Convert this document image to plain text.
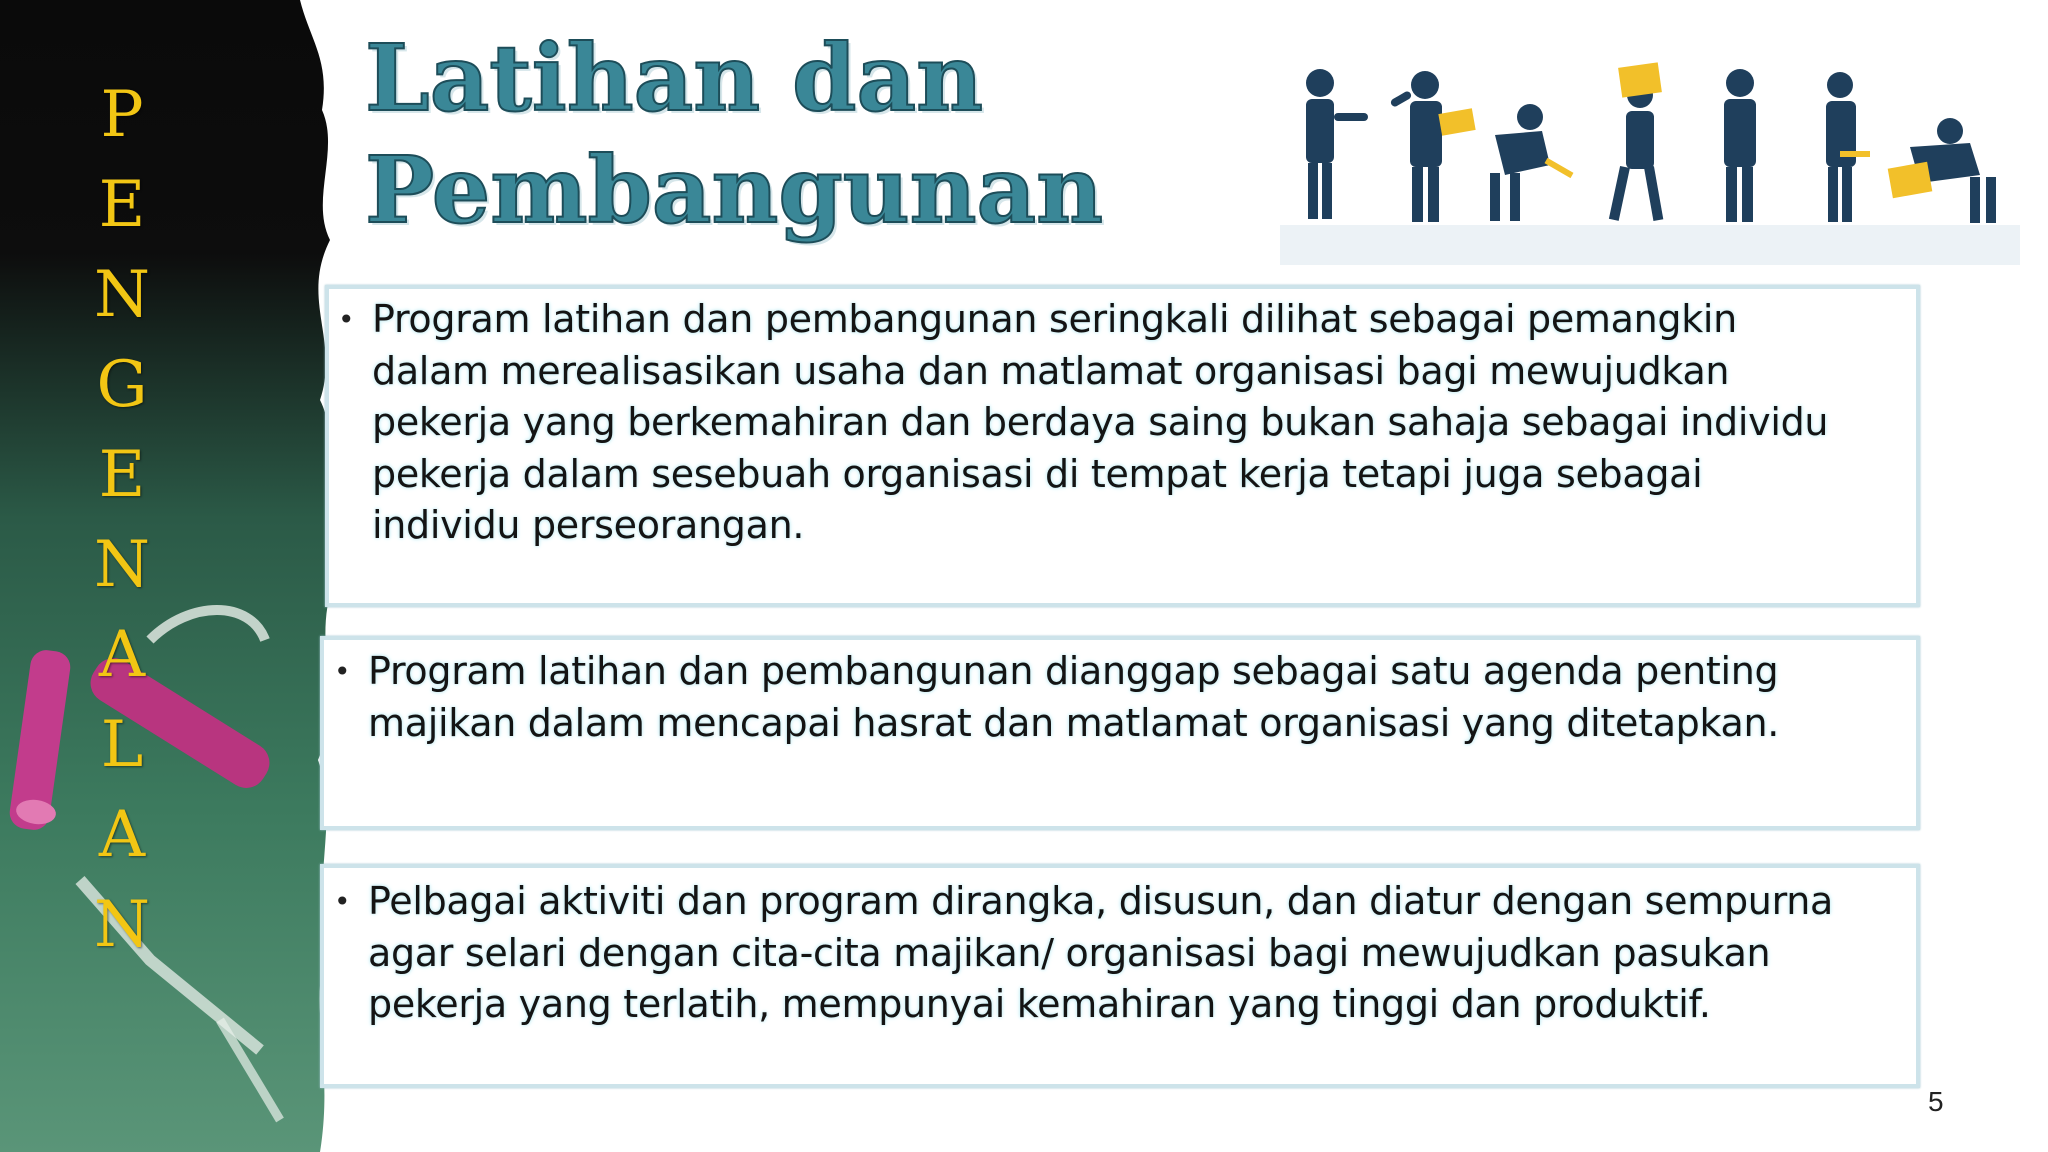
P
E
N
G
E
N
A
L
A
N
Latihan dan
Pembangunan
• Program latihan dan pembangunan seringkali dilihat sebagai pemangkin
dalam merealisasikan usaha dan matlamat organisasi bagi mewujudkan
pekerja yang berkemahiran dan berdaya saing bukan sahaja sebagai individu
pekerja dalam sesebuah organisasi di tempat kerja tetapi juga sebagai
individu perseorangan.
• Program latihan dan pembangunan dianggap sebagai satu agenda penting
majikan dalam mencapai hasrat dan matlamat organisasi yang ditetapkan.
• Pelbagai aktiviti dan program dirangka, disusun, dan diatur dengan sempurna
agar selari dengan cita-cita majikan/ organisasi bagi mewujudkan pasukan
pekerja yang terlatih, mempunyai kemahiran yang tinggi dan produktif.
5
